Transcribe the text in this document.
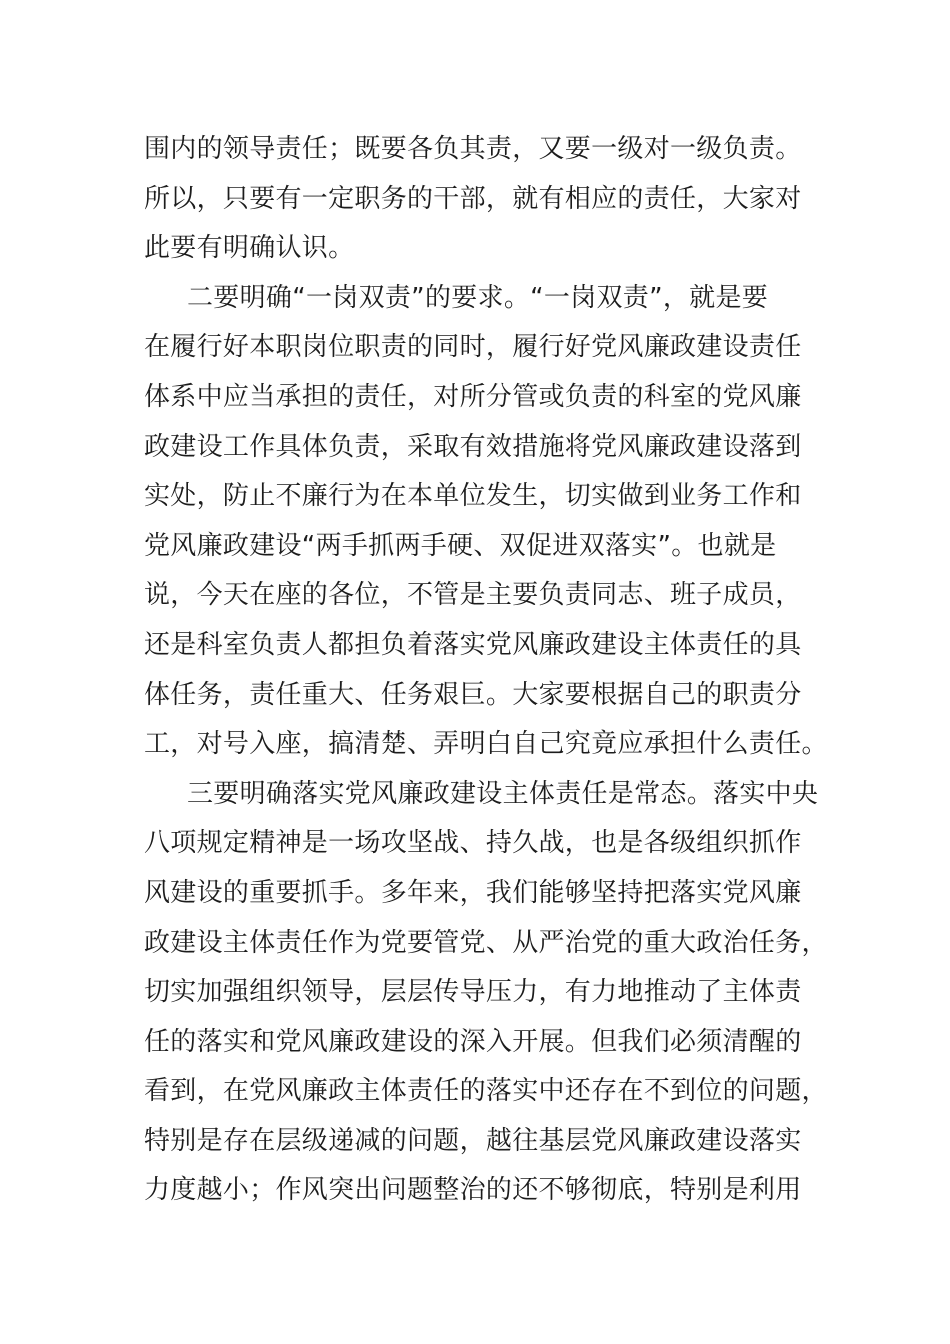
围内的领导责任；既要各负其责，又要一级对一级负责。
所以，只要有一定职务的干部，就有相应的责任，大家对
此要有明确认识。
二要明确“一岗双责”的要求。“一岗双责”，就是要
在履行好本职岗位职责的同时，履行好党风廉政建设责任
体系中应当承担的责任，对所分管或负责的科室的党风廉
政建设工作具体负责，采取有效措施将党风廉政建设落到
实处，防止不廉行为在本单位发生，切实做到业务工作和
党风廉政建设“两手抓两手硬、双促进双落实”。也就是
说，今天在座的各位，不管是主要负责同志、班子成员，
还是科室负责人都担负着落实党风廉政建设主体责任的具
体任务，责任重大、任务艰巨。大家要根据自己的职责分
工，对号入座，搞清楚、弄明白自己究竟应承担什么责任。
三要明确落实党风廉政建设主体责任是常态。落实中央
八项规定精神是一场攻坚战、持久战，也是各级组织抓作
风建设的重要抓手。多年来，我们能够坚持把落实党风廉
政建设主体责任作为党要管党、从严治党的重大政治任务，
切实加强组织领导，层层传导压力，有力地推动了主体责
任的落实和党风廉政建设的深入开展。但我们必须清醒的
看到，在党风廉政主体责任的落实中还存在不到位的问题，
特别是存在层级递减的问题，越往基层党风廉政建设落实
力度越小；作风突出问题整治的还不够彻底，特别是利用
